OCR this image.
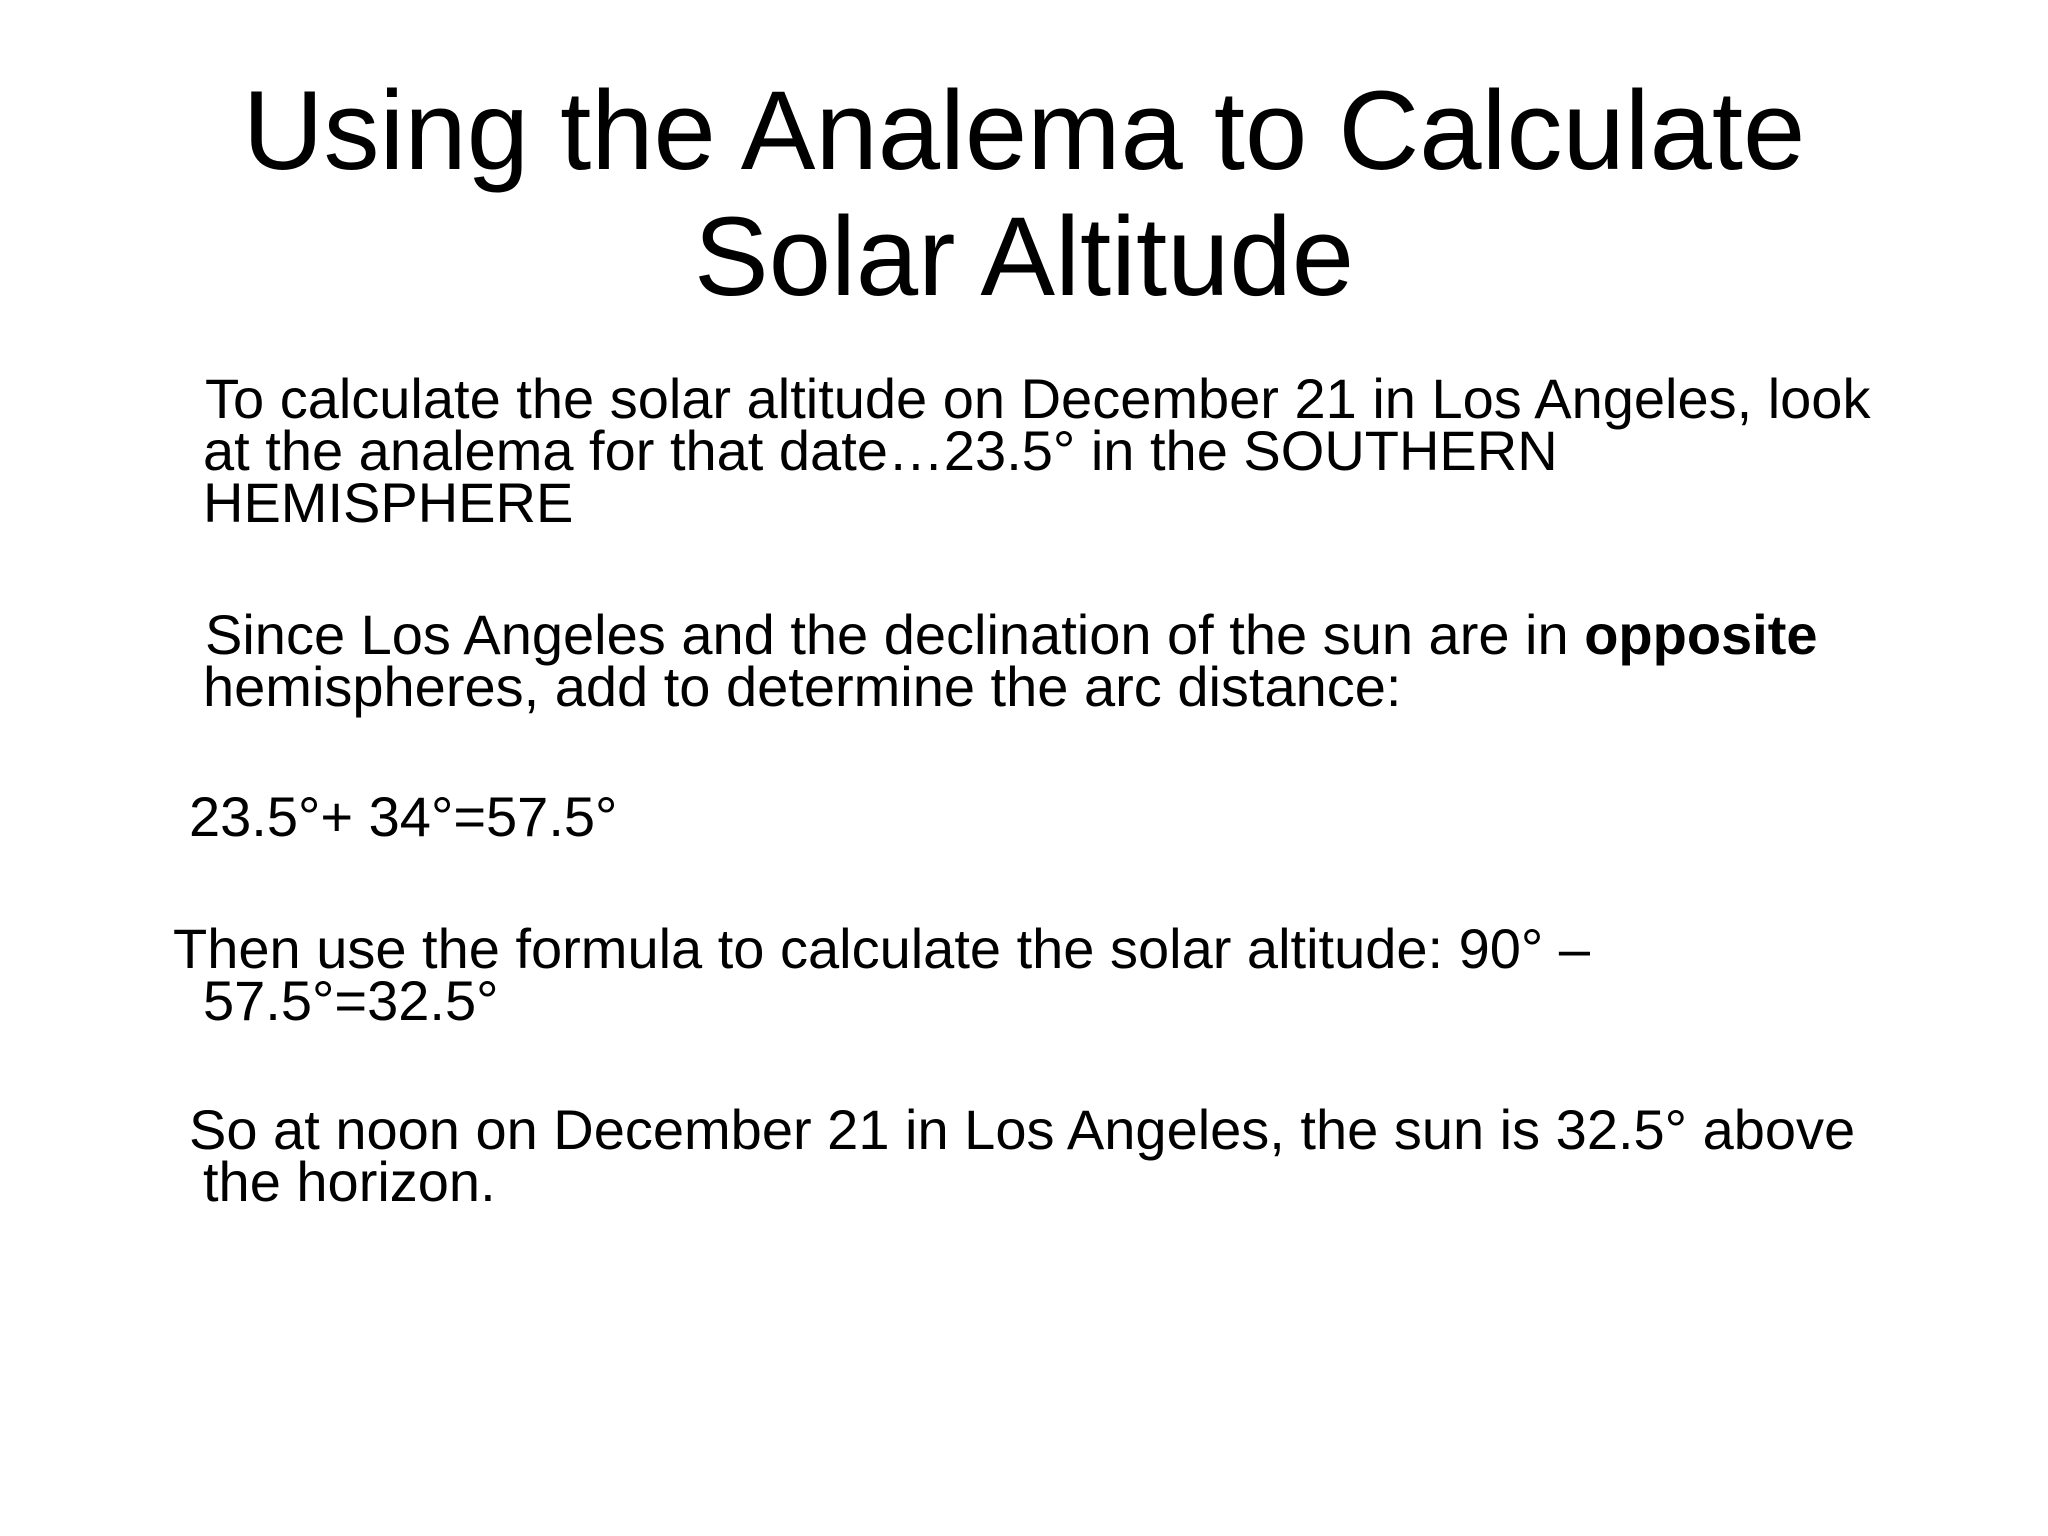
Using the Analema to Calculate
Solar Altitude

To calculate the solar altitude on December 21 in Los Angeles, look
at the analema for that date…23.5° in the SOUTHERN
HEMISPHERE

Since Los Angeles and the declination of the sun are in opposite
hemispheres, add to determine the arc distance:

23.5°+ 34°=57.5°

Then use the formula to calculate the solar altitude: 90° –
57.5°=32.5°

So at noon on December 21 in Los Angeles, the sun is 32.5° above
the horizon.
